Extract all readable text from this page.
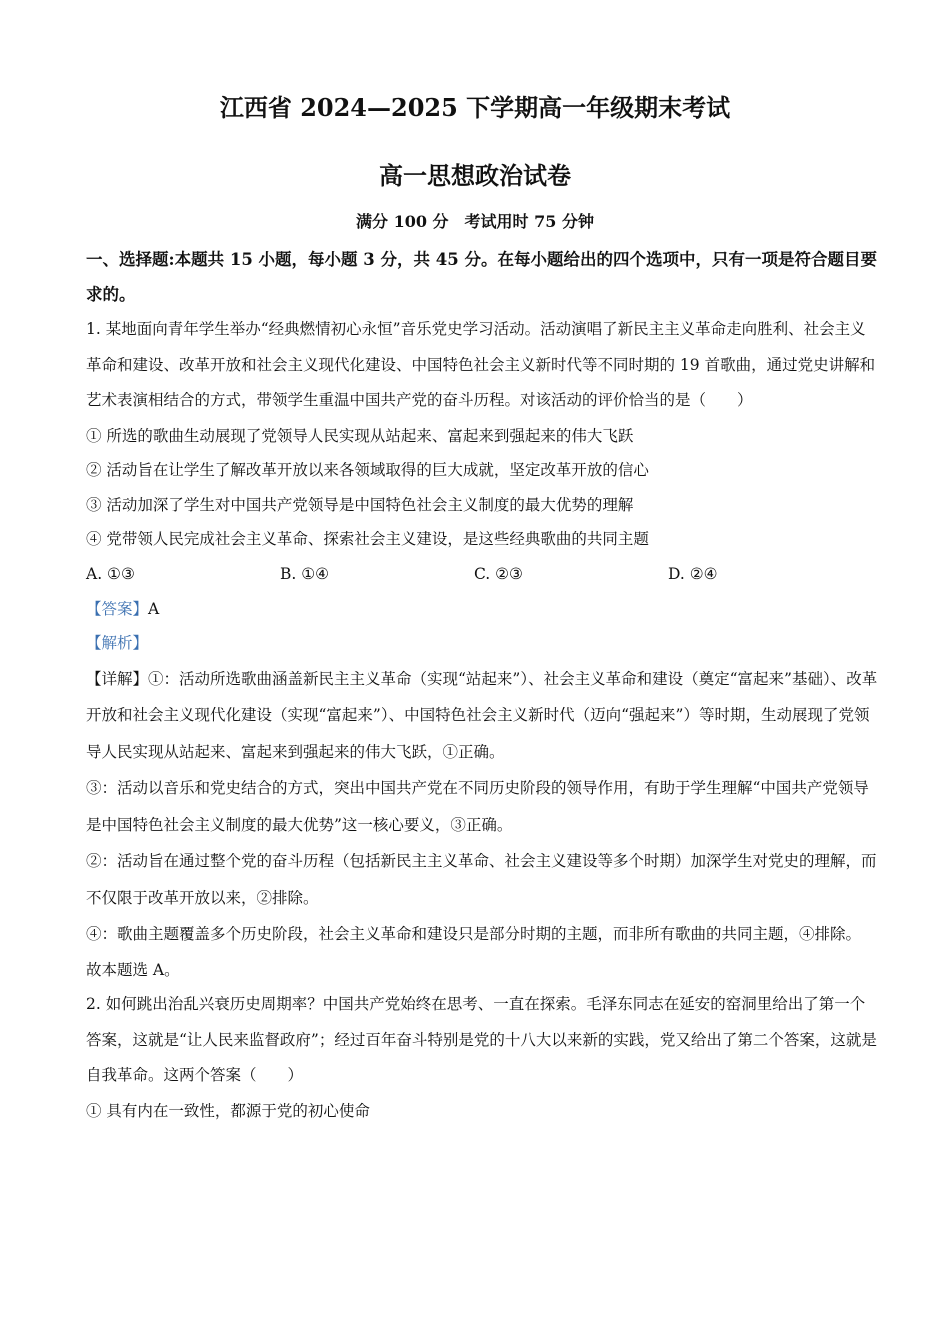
江西省 2024—2025 下学期高一年级期末考试
高一思想政治试卷
满分 100 分　考试用时 75 分钟

一、选择题:本题共 15 小题，每小题 3 分，共 45 分。在每小题给出的四个选项中，只有一项是符合题目要求的。

1. 某地面向青年学生举办“经典燃情初心永恒”音乐党史学习活动。活动演唱了新民主主义革命走向胜利、社会主义革命和建设、改革开放和社会主义现代化建设、中国特色社会主义新时代等不同时期的 19 首歌曲，通过党史讲解和艺术表演相结合的方式，带领学生重温中国共产党的奋斗历程。对该活动的评价恰当的是（　　）

① 所选的歌曲生动展现了党领导人民实现从站起来、富起来到强起来的伟大飞跃

② 活动旨在让学生了解改革开放以来各领域取得的巨大成就，坚定改革开放的信心

③ 活动加深了学生对中国共产党领导是中国特色社会主义制度的最大优势的理解

④ 党带领人民完成社会主义革命、探索社会主义建设，是这些经典歌曲的共同主题

A. ①③	B. ①④	C. ②③	D. ②④

【答案】A

【解析】

【详解】①：活动所选歌曲涵盖新民主主义革命（实现“站起来”）、社会主义革命和建设（奠定“富起来”基础）、改革开放和社会主义现代化建设（实现“富起来”）、中国特色社会主义新时代（迈向“强起来”）等时期，生动展现了党领导人民实现从站起来、富起来到强起来的伟大飞跃，①正确。

③：活动以音乐和党史结合的方式，突出中国共产党在不同历史阶段的领导作用，有助于学生理解“中国共产党领导是中国特色社会主义制度的最大优势”这一核心要义，③正确。

②：活动旨在通过整个党的奋斗历程（包括新民主主义革命、社会主义建设等多个时期）加深学生对党史的理解，而不仅限于改革开放以来，②排除。

④：歌曲主题覆盖多个历史阶段，社会主义革命和建设只是部分时期的主题，而非所有歌曲的共同主题，④排除。

故本题选 A。

2. 如何跳出治乱兴衰历史周期率？中国共产党始终在思考、一直在探索。毛泽东同志在延安的窑洞里给出了第一个答案，这就是“让人民来监督政府”；经过百年奋斗特别是党的十八大以来新的实践，党又给出了第二个答案，这就是自我革命。这两个答案（　　）

① 具有内在一致性，都源于党的初心使命
